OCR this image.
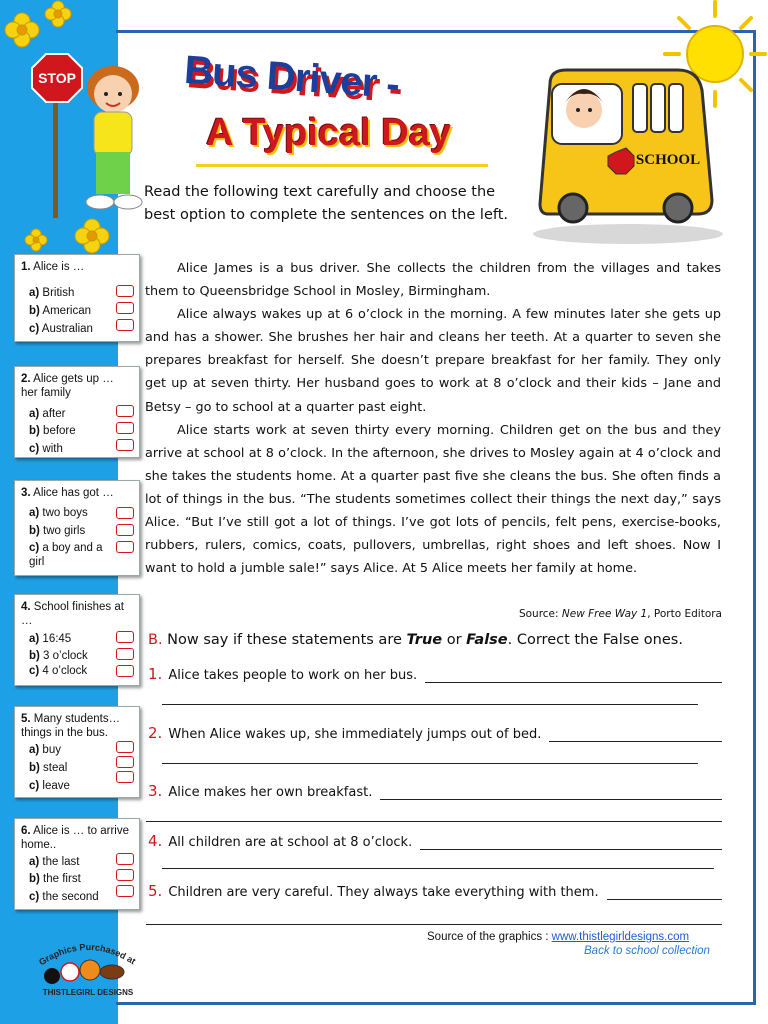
STOP	Bus Driver -
A Typical Day
SCHOOL
Read the following text carefully and choose the best option to complete the sentences on the left.

Alice James is a bus driver. She collects the children from the villages and takes them to Queensbridge School in Mosley, Birmingham.

Alice always wakes up at 6 o’clock in the morning. A few minutes later she gets up and has a shower. She brushes her hair and cleans her teeth. At a quarter to seven she prepares breakfast for herself. She doesn’t prepare breakfast for her family. They only get up at seven thirty. Her husband goes to work at 8 o’clock and their kids – Jane and Betsy – go to school at a quarter past eight.

Alice starts work at seven thirty every morning. Children get on the bus and they arrive at school at 8 o’clock. In the afternoon, she drives to Mosley again at 4 o’clock and she takes the students home. At a quarter past five she cleans the bus. She often finds a lot of things in the bus. “The students sometimes collect their things the next day,” says Alice. “But I’ve still got a lot of things. I’ve got lots of pencils, felt pens, exercise-books, rubbers, rulers, comics, coats, pullovers, umbrellas, right shoes and left shoes. Now I want to hold a jumble sale!” says Alice. At 5 Alice meets her family at home.

Source: New Free Way 1, Porto Editora
B. Now say if these statements are True or False. Correct the False ones.
1. Alice takes people to work on her bus.
2. When Alice wakes up, she immediately jumps out of bed.
3. Alice makes her own breakfast.
4. All children are at school at 8 o’clock.
5. Children are very careful. They always take everything with them.
1. Alice is …
a) British
b) American
c) Australian
2. Alice gets up … her family
a) after
b) before
c) with
3. Alice has got …
a) two boys
b) two girls
c) a boy and a girl
4. School finishes at …
a) 16:45
b) 3 o’clock
c) 4 o’clock
5. Many students… things in the bus.
a) buy
b) steal
c) leave
6. Alice is … to arrive home..
a) the last
b) the first
c) the second
Source of the graphics : www.thistlegirldesigns.com
Back to school collection
Graphics Purchased at
THISTLEGIRL DESIGNS
